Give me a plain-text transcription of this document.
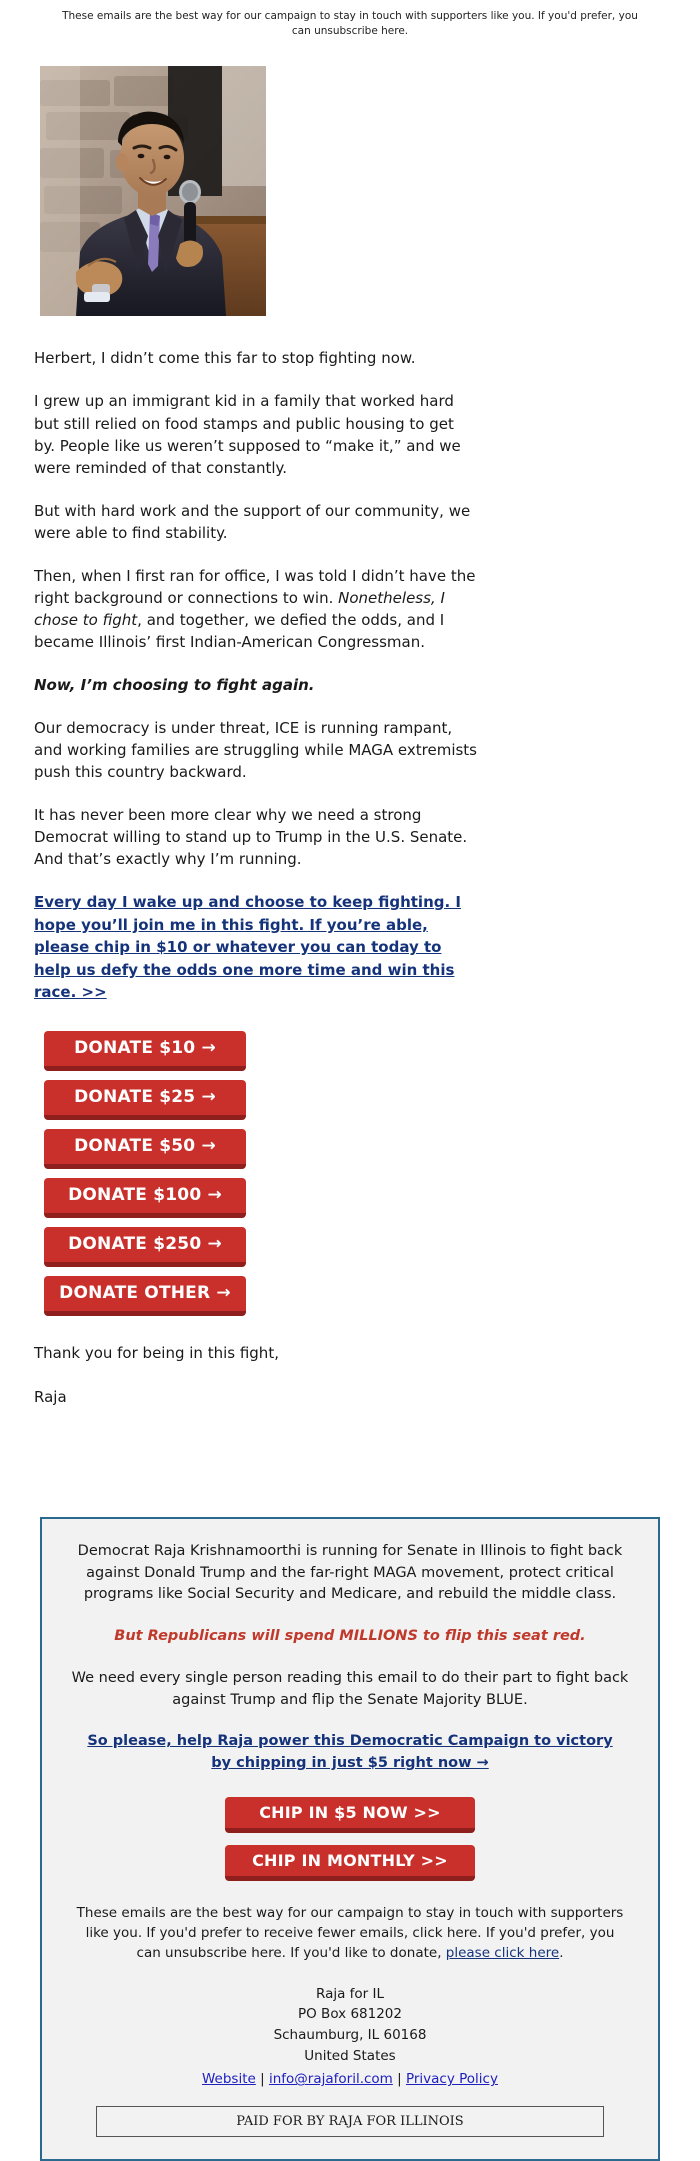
These emails are the best way for our campaign to stay in touch with supporters like you. If you'd prefer, you can unsubscribe here.

Herbert, I didn’t come this far to stop fighting now.

I grew up an immigrant kid in a family that worked hard but still relied on food stamps and public housing to get by. People like us weren’t supposed to “make it,” and we were reminded of that constantly.

But with hard work and the support of our community, we were able to find stability.

Then, when I first ran for office, I was told I didn’t have the right background or connections to win. Nonetheless, I chose to fight, and together, we defied the odds, and I became Illinois’ first Indian-American Congressman.

Now, I’m choosing to fight again.

Our democracy is under threat, ICE is running rampant, and working families are struggling while MAGA extremists push this country backward.

It has never been more clear why we need a strong Democrat willing to stand up to Trump in the U.S. Senate. And that’s exactly why I’m running.

Every day I wake up and choose to keep fighting. I hope you’ll join me in this fight. If you’re able, please chip in $10 or whatever you can today to help us defy the odds one more time and win this race. >>
DONATE $10 →
DONATE $25 →
DONATE $50 →
DONATE $100 →
DONATE $250 →
DONATE OTHER →

Thank you for being in this fight,

Raja

Democrat Raja Krishnamoorthi is running for Senate in Illinois to fight back against Donald Trump and the far-right MAGA movement, protect critical programs like Social Security and Medicare, and rebuild the middle class.

But Republicans will spend MILLIONS to flip this seat red.

We need every single person reading this email to do their part to fight back against Trump and flip the Senate Majority BLUE.

So please, help Raja power this Democratic Campaign to victory by chipping in just $5 right now →
CHIP IN $5 NOW >>
CHIP IN MONTHLY >>
These emails are the best way for our campaign to stay in touch with supporters like you. If you'd prefer to receive fewer emails, click here. If you'd prefer, you can unsubscribe here. If you'd like to donate, please click here.
Raja for IL
PO Box 681202
Schaumburg, IL 60168
United States
Website | info@rajaforil.com | Privacy Policy
PAID FOR BY RAJA FOR ILLINOIS
